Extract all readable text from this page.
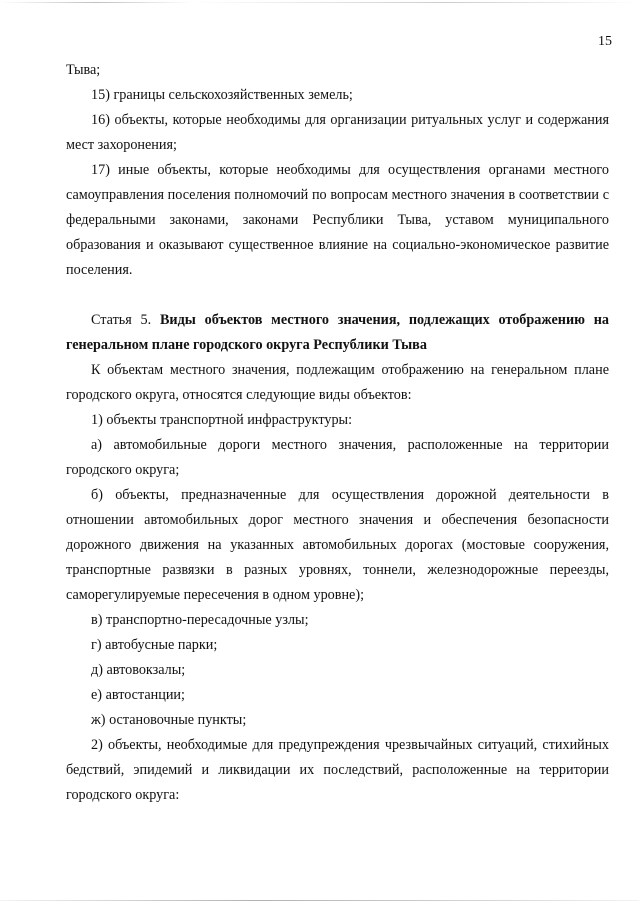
15

Тыва;

15) границы сельскохозяйственных земель;

16) объекты, которые необходимы для организации ритуальных услуг и содержания мест захоронения;

17) иные объекты, которые необходимы для осуществления органами местного самоуправления поселения полномочий по вопросам местного значения в соответствии с федеральными законами, законами Республики Тыва, уставом муниципального образования и оказывают существенное влияние на социально-экономическое развитие поселения.

Статья 5. Виды объектов местного значения, подлежащих отображению на генеральном плане городского округа Республики Тыва

К объектам местного значения, подлежащим отображению на генеральном плане городского округа, относятся следующие виды объектов:

1) объекты транспортной инфраструктуры:

а) автомобильные дороги местного значения, расположенные на территории городского округа;

б) объекты, предназначенные для осуществления дорожной деятельности в отношении автомобильных дорог местного значения и обеспечения безопасности дорожного движения на указанных автомобильных дорогах (мостовые сооружения, транспортные развязки в разных уровнях, тоннели, железнодорожные переезды, саморегулируемые пересечения в одном уровне);

в) транспортно-пересадочные узлы;

г) автобусные парки;

д) автовокзалы;

е) автостанции;

ж) остановочные пункты;

2) объекты, необходимые для предупреждения чрезвычайных ситуаций, стихийных бедствий, эпидемий и ликвидации их последствий, расположенные на территории городского округа:
